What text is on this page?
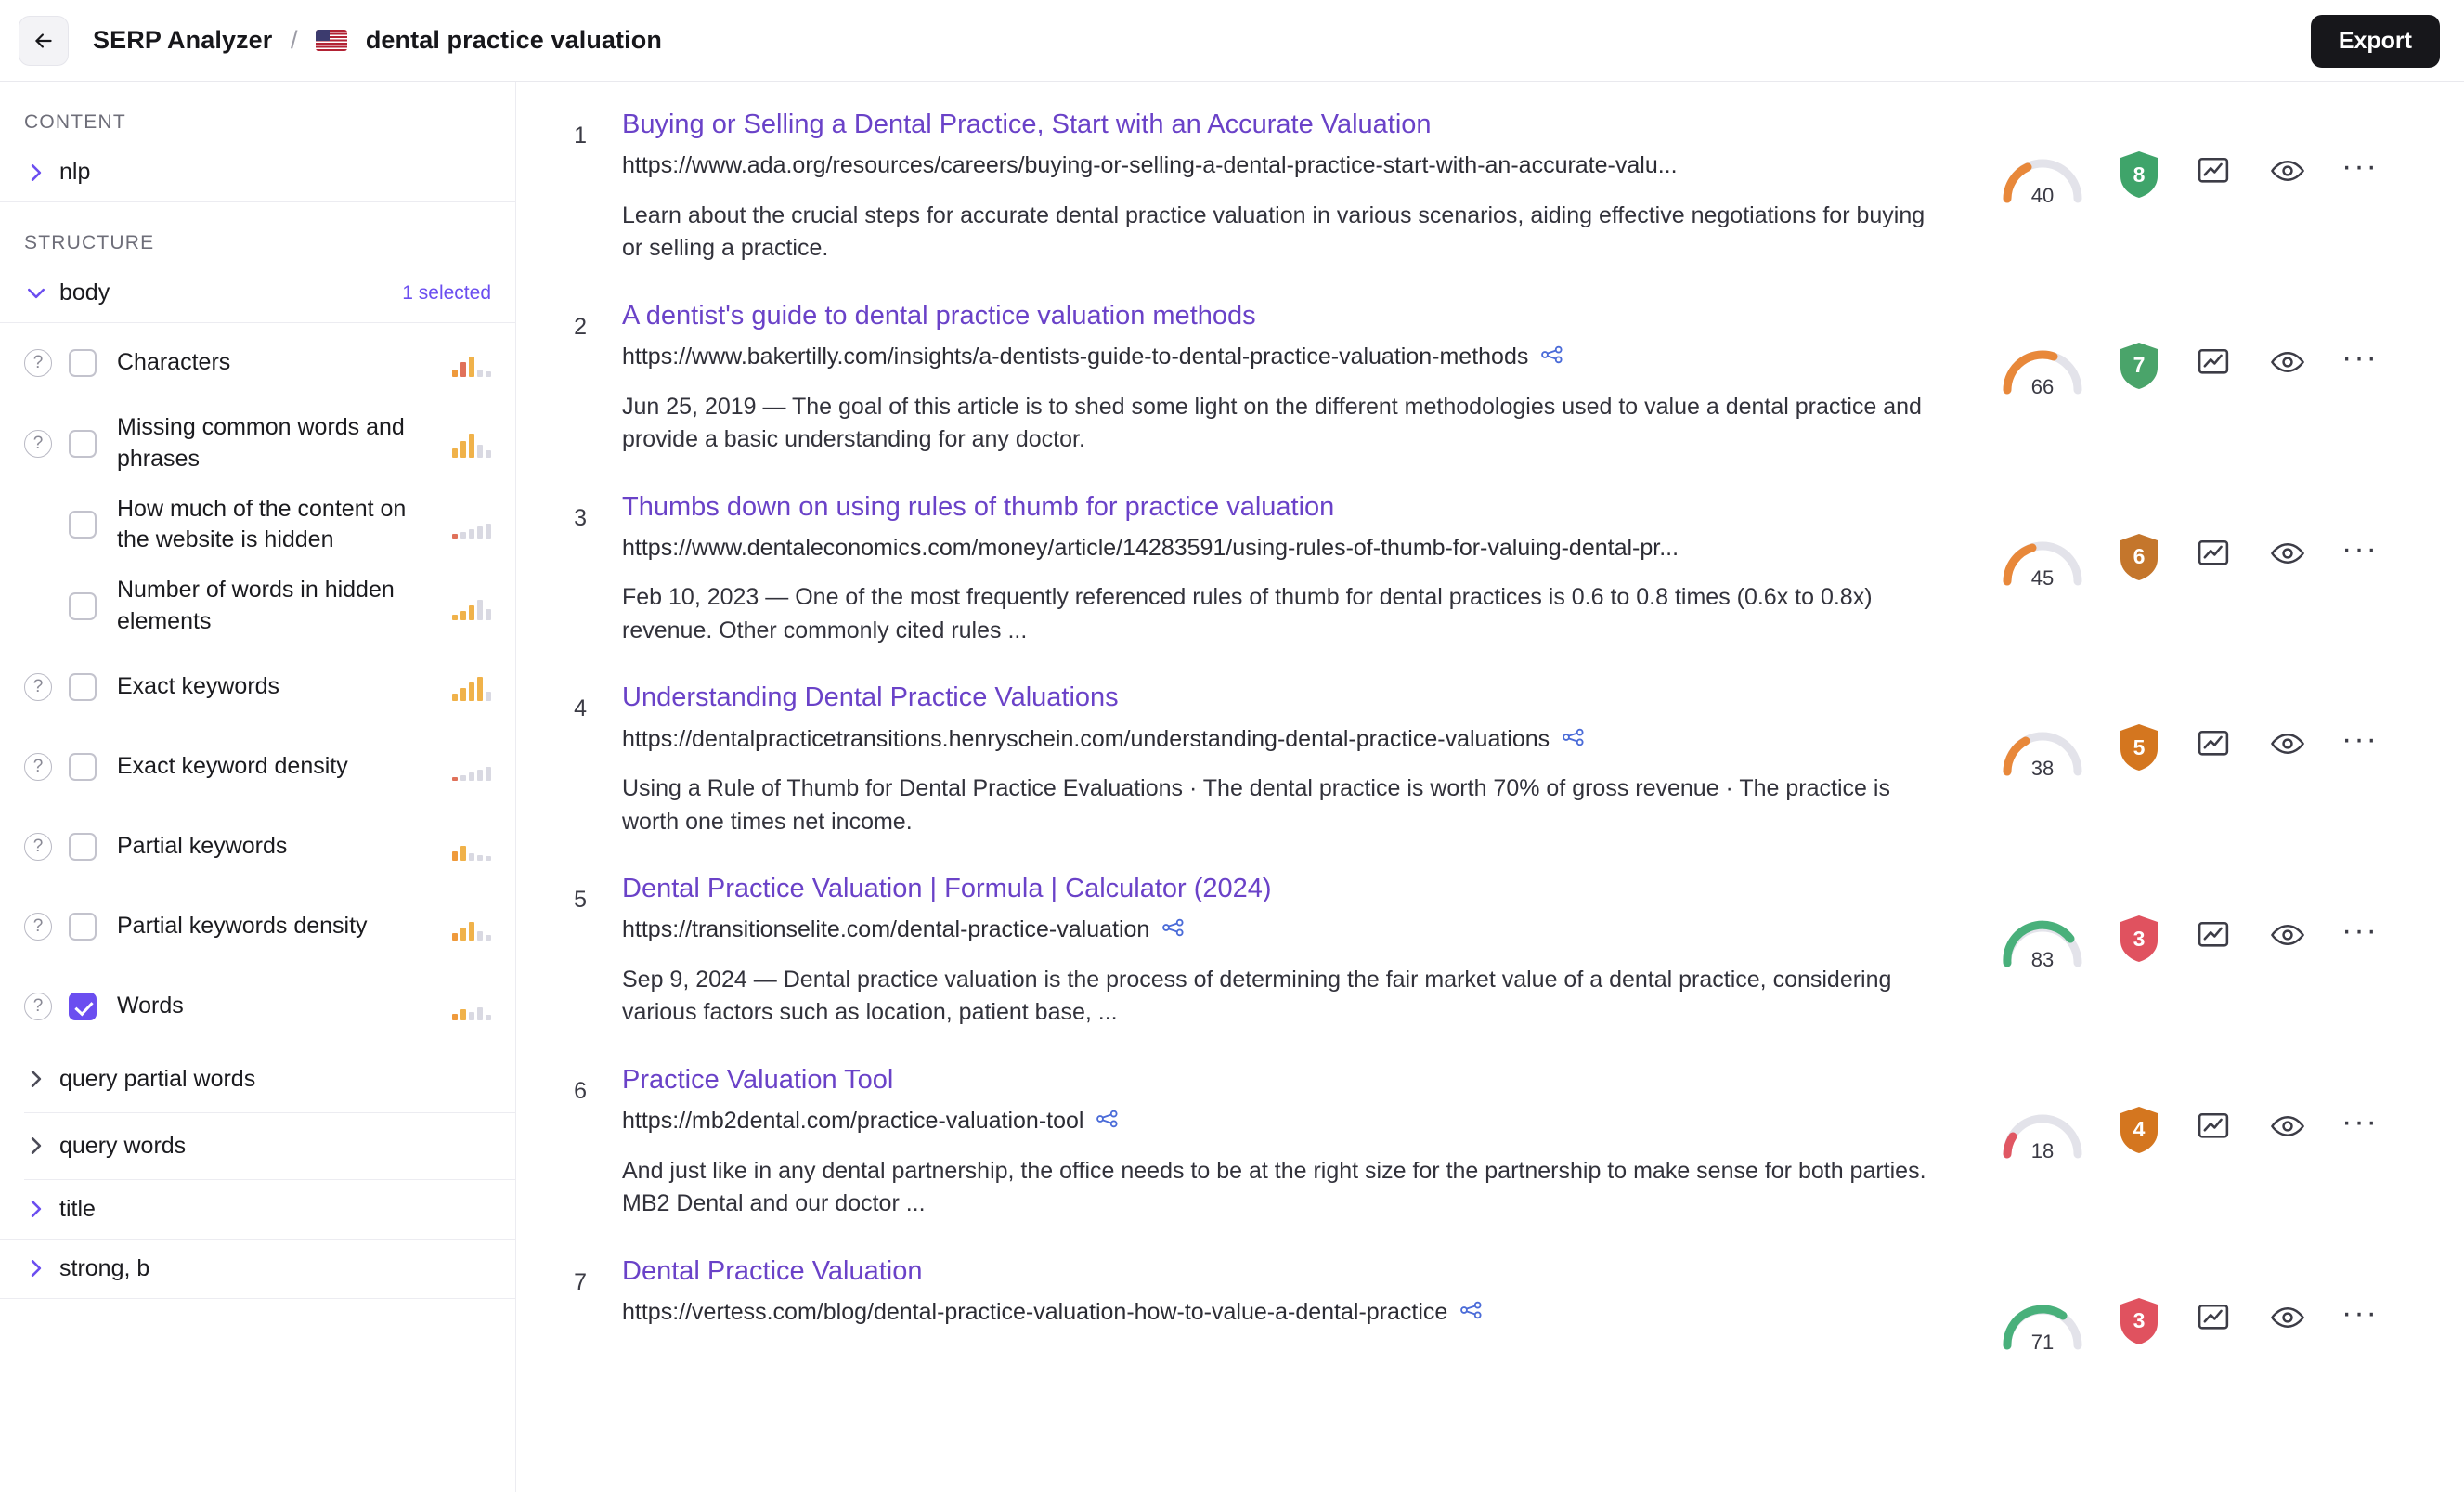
SERP Analyzer /	dental practice valuation	Export
CONTENT
nlp
STRUCTURE
body	1 selected
?	Characters
?
Missing common words and phrases
How much of the content on the website is hidden
Number of words in hidden elements
?	Exact keywords
?	Exact keyword density
?	Partial keywords
?	Partial keywords density
?	Words
query partial words
query words
title
strong, b
1 Buying or Selling a Dental Practice, Start with an Accurate Valuation
https://www.ada.org/resources/careers/buying-or-selling-a-dental-practice-start-with-an-accurate-valu...
Learn about the crucial steps for accurate dental practice valuation in various scenarios, aiding effective negotiations for buying or selling a practice.
40
8	···
2 A dentist's guide to dental practice valuation methods
https://www.bakertilly.com/insights/a-dentists-guide-to-dental-practice-valuation-methods
Jun 25, 2019 — The goal of this article is to shed some light on the different methodologies used to value a dental practice and provide a basic understanding for any doctor.
66
7	···
3 Thumbs down on using rules of thumb for practice valuation
https://www.dentaleconomics.com/money/article/14283591/using-rules-of-thumb-for-valuing-dental-pr...
Feb 10, 2023 — One of the most frequently referenced rules of thumb for dental practices is 0.6 to 0.8 times (0.6x to 0.8x) revenue. Other commonly cited rules ...
45
6	···
4 Understanding Dental Practice Valuations
https://dentalpracticetransitions.henryschein.com/understanding-dental-practice-valuations
Using a Rule of Thumb for Dental Practice Evaluations · The dental practice is worth 70% of gross revenue · The practice is worth one times net income.
38
5	···
5 Dental Practice Valuation | Formula | Calculator (2024)
https://transitionselite.com/dental-practice-valuation
Sep 9, 2024 — Dental practice valuation is the process of determining the fair market value of a dental practice, considering various factors such as location, patient base, ...
83
3	···
6 Practice Valuation Tool
https://mb2dental.com/practice-valuation-tool
And just like in any dental partnership, the office needs to be at the right size for the partnership to make sense for both parties. MB2 Dental and our doctor ...
18
4	···
7 Dental Practice Valuation
https://vertess.com/blog/dental-practice-valuation-how-to-value-a-dental-practice
71
3	···
